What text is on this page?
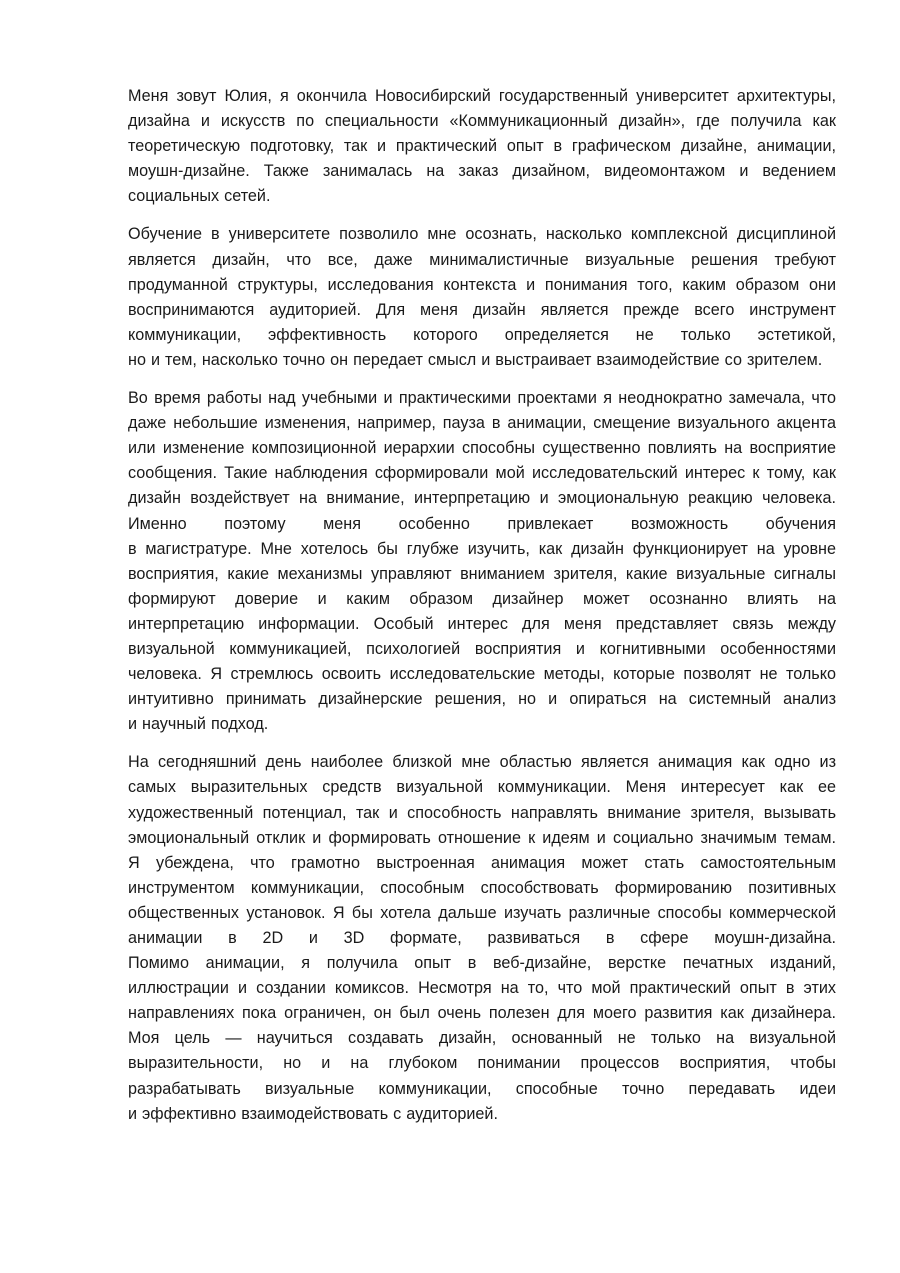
Меня зовут Юлия, я окончила Новосибирский государственный университет архитектуры,
дизайна и искусств по специальности «Коммуникационный дизайн», где получила как
теоретическую подготовку, так и практический опыт в графическом дизайне, анимации,
моушн-дизайне. Также занималась на заказ дизайном, видеомонтажом и ведением
социальных сетей.
Обучение в университете позволило мне осознать, насколько комплексной дисциплиной
является дизайн, что все, даже минималистичные визуальные решения требуют
продуманной структуры, исследования контекста и понимания того, каким образом они
воспринимаются аудиторией. Для меня дизайн является прежде всего инструмент
коммуникации, эффективность которого определяется не только эстетикой,
но и тем, насколько точно он передает смысл и выстраивает взаимодействие со зрителем.
Во время работы над учебными и практическими проектами я неоднократно замечала, что
даже небольшие изменения, например, пауза в анимации, смещение визуального акцента
или изменение композиционной иерархии способны существенно повлиять на восприятие
сообщения. Такие наблюдения сформировали мой исследовательский интерес к тому, как
дизайн воздействует на внимание, интерпретацию и эмоциональную реакцию человека.
Именно поэтому меня особенно привлекает возможность обучения
в магистратуре. Мне хотелось бы глубже изучить, как дизайн функционирует на уровне
восприятия, какие механизмы управляют вниманием зрителя, какие визуальные сигналы
формируют доверие и каким образом дизайнер может осознанно влиять на
интерпретацию информации. Особый интерес для меня представляет связь между
визуальной коммуникацией, психологией восприятия и когнитивными особенностями
человека. Я стремлюсь освоить исследовательские методы, которые позволят не только
интуитивно принимать дизайнерские решения, но и опираться на системный анализ
и научный подход.
На сегодняшний день наиболее близкой мне областью является анимация как одно из
самых выразительных средств визуальной коммуникации. Меня интересует как ее
художественный потенциал, так и способность направлять внимание зрителя, вызывать
эмоциональный отклик и формировать отношение к идеям и социально значимым темам.
Я убеждена, что грамотно выстроенная анимация может стать самостоятельным
инструментом коммуникации, способным способствовать формированию позитивных
общественных установок. Я бы хотела дальше изучать различные способы коммерческой
анимации в 2D и 3D формате, развиваться в сфере моушн-дизайна.
Помимо анимации, я получила опыт в веб-дизайне, верстке печатных изданий,
иллюстрации и создании комиксов. Несмотря на то, что мой практический опыт в этих
направлениях пока ограничен, он был очень полезен для моего развития как дизайнера.
Моя цель — научиться создавать дизайн, основанный не только на визуальной
выразительности, но и на глубоком понимании процессов восприятия, чтобы
разрабатывать визуальные коммуникации, способные точно передавать идеи
и эффективно взаимодействовать с аудиторией.
